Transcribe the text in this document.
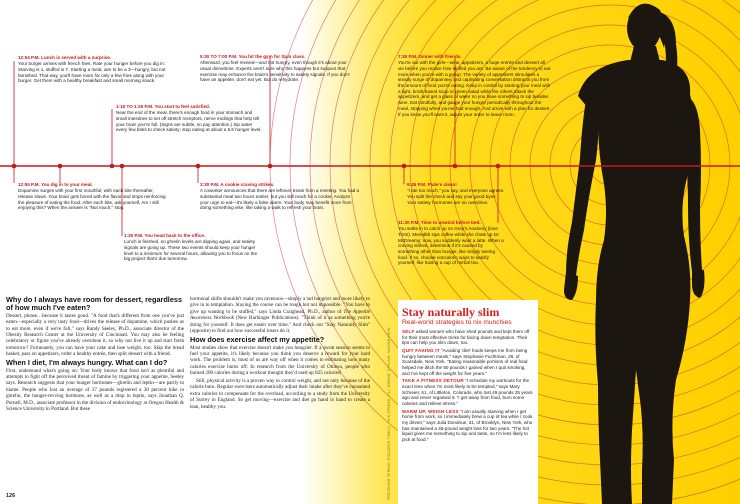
12:54 P.M. Lunch is served with a surprise.

Your burger arrives with french fries. Rate your hunger before you dig in: Starving is 1, stuffed is 7. Starting a meal, aim to be a 3—hungry, but not famished. That way, you'll have room for only a few fries along with your burger. Get them with a healthy breakfast and small morning snack.

1:15 TO 1:25 P.M. You start to feel satisfied.

Near the end of the meal, there's enough food in your stomach and small intestines to set off stretch receptors, nerve endings that help tell your brain you're full. (Signs are subtle, so pay attention.) Sip water every few bites to check satiety; stop eating at about a 5.5 hunger level.

12:55 P.M. You dig in to your meal.

Dopamine surges with your first mouthful; with each bite thereafter, release slows. Your brain gets bored with the flavor and stops reinforcing the pleasure of eating the food. After each bite, ask yourself, Am I still enjoying this? When the answer is "Not much," stop.

1:30 P.M. You head back to the office.

Lunch is finished, so ghrelin levels are dipping again, and satiety signals are going up. These two events should keep your hunger level to a minimum for several hours, allowing you to focus on the big project that's due tomorrow.

5:30 TO 7:00 P.M. You hit the gym for Spin class.

Afterward, you feel revived—and not hungry, even though it's about your usual dinnertime. Experts aren't sure why this happens but suspect that exercise may enhance the brain's sensitivity to satiety signals. If you don't have an appetite, don't eat yet. But do rehydrate.

3:30 P.M. A cookie craving strikes.

A coworker announces that there are leftover treats from a meeting. You had a substantial meal two hours earlier, but you still reach for a cookie. Analyze your urge to eat—it's likely a false alarm. Your body may benefit more from doing something else, like taking a walk to refresh your brain.

7:30 P.M. Dinner with friends.

You're out with the girls—wine, appetizers, a huge entrée and dessert all vie before you realize how stuffed you are. Be aware of the tendency to eat more when you're with a group: The variety of appetizers stimulates a steady surge of dopamine, and captivating conversation distracts you from the amount of food you're eating. Keep in control by starting your meal with a light, broth-based soup or green salad while the others attack the appetizers, and get a glass of water so you have something to sip besides wine. Eat mindfully, and gauge your hunger periodically throughout the meal, stopping when you've had enough. And arrive with a plan for dessert. If you know you'll want it, adjust your order to leave room.

9:45 P.M. Plate's clean!

"I ate too much," you say, and everyone agrees. You split the check and say your good-byes. Your satiety hormones are on overdrive.

11:30 P.M. Time to unwind before bed.

You settle in to catch up on Grey's Anatomy (love TiVo!). Meredith sips coffee while she chats up Dr. McDreamy; now, you suddenly want a latte. When a craving strikes, determine if it's caused by something other than hunger, like simply seeing food. If so, choose noncaloric ways to satisfy yourself, like having a cup of herbal tea.

Why do I always have room for dessert, regardless of how much I've eaten?

Dessert, please…because it tastes good. "A food that's different from one you've just eaten—especially a very tasty food—drives the release of dopamine, which pushes us to eat more, even if we're full," says Randy Seeley, Ph.D., associate director of the Obesity Research Center at the University of Cincinnati. You may also be feeling celebratory or figure you've already overdone it, so why not live it up and start fresh tomorrow? Fortunately, you can have your cake and lose weight, too: Skip the bread basket, pass on appetizers, order a healthy entrée, then split dessert with a friend.

When I diet, I'm always hungry. What can I do?

First, understand what's going on: Your body knows that food isn't as plentiful and attempts to fight off the perceived threat of famine by triggering your appetite, Seeley says. Research suggests that your hunger hormones—ghrelin and leptin—are partly to blame. People who lost an average of 37 pounds registered a 30 percent hike in ghrelin, the hunger-revving hormone, as well as a drop in leptin, says Jonathan Q. Purnell, M.D., associate professor in the division of endocrinology at Oregon Health & Science University in Portland. But these

hormonal shifts shouldn't make you ravenous—simply a tad hungrier and more likely to give in to temptation. Staying the course can be tough but not impossible. "You have to give up wanting to be stuffed," says Linda Craighead, Ph.D., author of The Appetite Awareness Workbook (New Harbinger Publications). "Think of it as something you're doing for yourself. It does get easier over time." And check out "Stay Naturally Slim" (opposite) to find out how successful losers do it.

How does exercise affect my appetite?

Most studies show that exercise doesn't make you hungrier. If a sweat session seems to fuel your appetite, it's likely because you think you deserve a reward for your hard work. The problem is, most of us are way off when it comes to estimating how many calories exercise burns off: In research from the University of Ottawa, people who burned 200 calories during a workout thought they'd used up 825 calories!

Still, physical activity is a proven way to control weight, and not only because of the calorie burn. Regular exercisers automatically adjust their intake after they've consumed extra calories to compensate for the overload, according to a study from the University of Surrey in England. So get moving—exercise and diet go hand in hand to create a lean, healthy you.	PRECEDING SPREAD: RICCARDO TINELLI. THIS SPREAD: TILL JOSWIG. STYLING: MAXINE KOHN
Stay naturally slim
Real-world strategies to nix munchies
SELF asked women who have shed pounds and kept them off for their most effective tricks for facing down temptation. Their tips can help you slim down, too.
QUIT FAKING IT "Avoiding 'diet' foods keeps me from being hungry between meals," says Stephanie Fuchtman, 29, of Scarsdale, New York. "Eating reasonable portions of real food helped me ditch the 50 pounds I gained when I quit smoking, and I've kept off the weight for five years."
TAKE A FITNESS DETOUR "I schedule my workouts for the exact time when I'm most likely to be tempted," says Mary Schreier, 61, of Littleton, Colorado, who lost 49 pounds 25 years ago and never regained it. "I get away from food, burn some calories and relieve stress."
WARM UP, WEIGH LESS "I am usually starving when I get home from work, so I immediately brew a cup of tea while I cook my dinner," says Julia Donahue, 31, of Brooklyn, New York, who has maintained a 45-pound weight loss for two years. "The hot liquid gives me something to sip and taste, so I'm less likely to pick at food."
126
